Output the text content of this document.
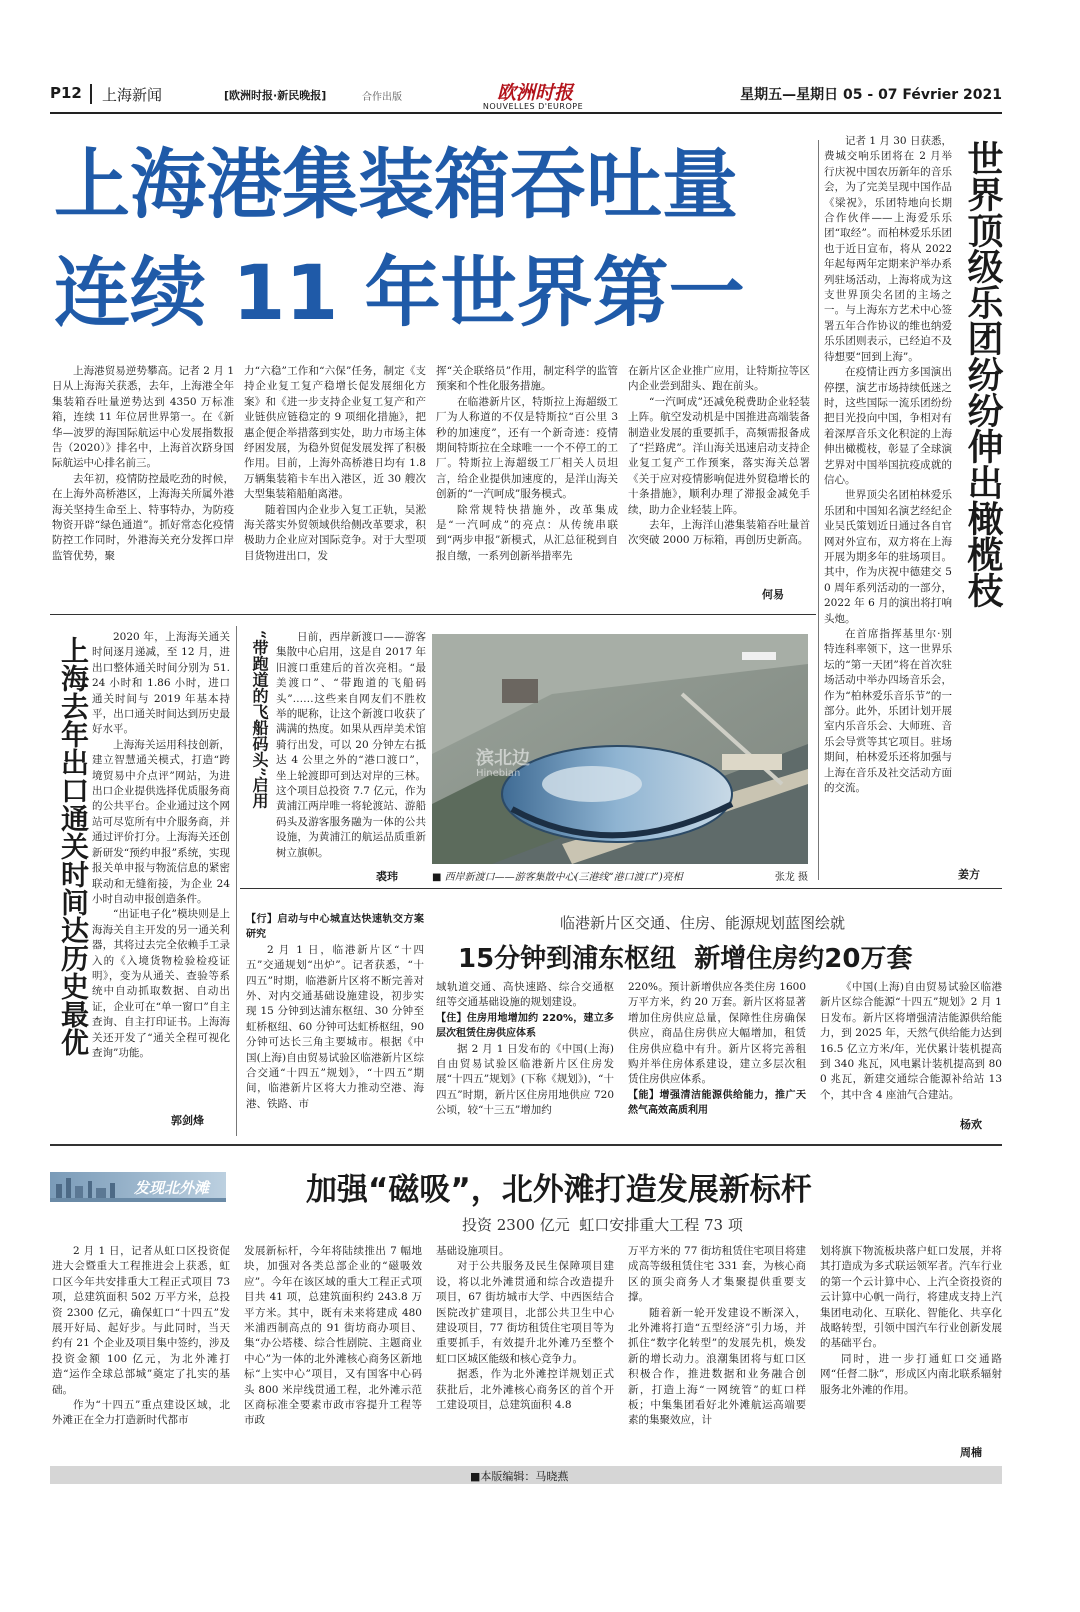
P12 上海新闻	[欧洲时报·新民晚报]	合作出版	欧洲时报
NOUVELLES D'EUROPE
星期五—星期日 05 - 07 Février 2021
上海港集装箱吞吐量
连续 11 年世界第一

上海港贸易逆势攀高。记者 2 月 1 日从上海海关获悉，去年，上海港全年集装箱吞吐量逆势达到 4350 万标准箱，连续 11 年位居世界第一。在《新华—波罗的海国际航运中心发展指数报告（2020）》排名中，上海首次跻身国际航运中心排名前三。

去年初，疫情防控最吃劲的时候，在上海外高桥港区，上海海关所属外港海关坚持生命至上、特事特办，为防疫物资开辟“绿色通道”。抓好常态化疫情防控工作同时，外港海关充分发挥口岸监管优势，聚

力“六稳”工作和“六保”任务，制定《支持企业复工复产稳增长促发展细化方案》和《进一步支持企业复工复产和产业链供应链稳定的 9 项细化措施》，把惠企便企举措落到实处，助力市场主体纾困发展，为稳外贸促发展发挥了积极作用。目前，上海外高桥港日均有 1.8 万辆集装箱卡车出入港区，近 30 艘次大型集装箱船舶离港。

随着国内企业步入复工正轨，吴淞海关落实外贸领域供给侧改革要求，积极助力企业应对国际竞争。对于大型项目货物进出口，发

挥“关企联络员”作用，制定科学的监管预案和个性化服务措施。

在临港新片区，特斯拉上海超级工厂为人称道的不仅是特斯拉“百公里 3 秒的加速度”，还有一个新奇迹：疫情期间特斯拉在全球唯一一个不停工的工厂。特斯拉上海超级工厂相关人员坦言，给企业提供加速度的，是洋山海关创新的“一汽呵成”服务模式。

除常规特快措施外，改革集成是“一汽呵成”的亮点：从传统串联到“两步申报”新模式，从汇总征税到自报自缴，一系列创新举措率先

在新片区企业推广应用，让特斯拉等区内企业尝到甜头、跑在前头。

“一汽呵成”还减免税费助企业轻装上阵。航空发动机是中国推进高端装备制造业发展的重要抓手，高频需报备成了“拦路虎”。洋山海关迅速启动支持企业复工复产工作预案，落实海关总署《关于应对疫情影响促进外贸稳增长的十条措施》，顺利办理了滞报金减免手续，助力企业轻装上阵。

去年，上海洋山港集装箱吞吐量首次突破 2000 万标箱，再创历史新高。

何易

记者 1 月 30 日获悉，费城交响乐团将在 2 月举行庆祝中国农历新年的音乐会，为了完美呈现中国作品《梁祝》，乐团特地向长期合作伙伴——上海爱乐乐团“取经”。而柏林爱乐乐团也于近日宣布，将从 2022 年起每两年定期来沪举办系列驻场活动，上海将成为这支世界顶尖名团的主场之一。与上海东方艺术中心签署五年合作协议的维也纳爱乐乐团则表示，已经迫不及待想要“回到上海”。

在疫情让西方多国演出停摆，演艺市场持续低迷之时，这些国际一流乐团纷纷把目光投向中国，争相对有着深厚音乐文化积淀的上海伸出橄榄枝，彰显了全球演艺界对中国举国抗疫成就的信心。

世界顶尖名团柏林爱乐乐团和中国知名演艺经纪企业吴氏策划近日通过各自官网对外宣布，双方将在上海开展为期多年的驻场项目。其中，作为庆祝中德建交 50 周年系列活动的一部分，2022 年 6 月的演出将打响头炮。

在首席指挥基里尔·别特连科率领下，这一世界乐坛的“第一天团”将在首次驻场活动中举办四场音乐会，作为“柏林爱乐音乐节”的一部分。此外，乐团计划开展室内乐音乐会、大师班、音乐会导赏等其它项目。驻场期间，柏林爱乐还将加强与上海在音乐及社交活动方面的交流。

世界顶级乐团纷纷伸出橄榄枝
姜方
上海去年出口通关时间达历史最优	2020 年，上海海关通关时间逐月递减，至 12 月，进出口整体通关时间分别为 51.24 小时和 1.86 小时，进口通关时间与 2019 年基本持平，出口通关时间达到历史最好水平。

上海海关运用科技创新，建立智慧通关模式，打造“跨境贸易中介点评”网站，为进出口企业提供选择优质服务商的公共平台。企业通过这个网站可尽览所有中介服务商，并通过评价打分。上海海关还创新研发“预约申报”系统，实现报关单申报与物流信息的紧密联动和无缝衔接，为企业 24 小时自动申报创造条件。

“出证电子化”模块则是上海海关自主开发的另一通关利器，其将过去完全依赖手工录入的《入境货物检验检疫证明》，变为从通关、查验等系统中自动抓取数据、自动出证，企业可在“单一窗口”自主查询、自主打印证书。上海海关还开发了“通关全程可视化查询”功能。

郭剑烽
“带跑道的飞船码头”启用	日前，西岸新渡口——游客集散中心启用，这是自 2017 年旧渡口重建后的首次亮相。“最美渡口”、“带跑道的飞船码头”……这些来自网友们不胜枚举的昵称，让这个新渡口收获了满满的热度。如果从西岸美术馆骑行出发，可以 20 分钟左右抵达 4 公里之外的“港口渡口”，坐上轮渡即可到达对岸的三林。这个项目总投资 7.7 亿元，作为黄浦江两岸唯一将轮渡站、游船码头及游客服务融为一体的公共设施，为黄浦江的航运品质重新树立旗帜。

裘玮
滨北边
Hinebian
■ 西岸新渡口——游客集散中心(三港线“港口渡口”)亮相	张龙 摄
临港新片区交通、住房、能源规划蓝图绘就
15分钟到浦东枢纽  新增住房约20万套
【行】启动与中心城直达快速轨交方案研究

2 月 1 日，临港新片区“十四五”交通规划“出炉”。记者获悉，“十四五”时期，临港新片区将不断完善对外、对内交通基础设施建设，初步实现 15 分钟到达浦东枢纽、30 分钟至虹桥枢纽、60 分钟可达虹桥枢纽，90 分钟可达长三角主要城市。根据《中国(上海)自由贸易试验区临港新片区综合交通“十四五”规划》，“十四五”期间，临港新片区将大力推动空港、海港、铁路、市

域轨道交通、高快速路、综合交通枢纽等交通基础设施的规划建设。

【住】住房用地增加约 220%，建立多层次租赁住房供应体系

据 2 月 1 日发布的《中国(上海)自由贸易试验区临港新片区住房发展“十四五”规划》(下称《规划》)，“十四五”时期，新片区住房用地供应 720 公顷，较“十三五”增加约

220%。预计新增供应各类住房 1600 万平方米，约 20 万套。新片区将显著增加住房供应总量，保障性住房确保供应，商品住房供应大幅增加，租赁住房供应稳中有升。新片区将完善租购并举住房体系建设，建立多层次租赁住房供应体系。

【能】增强清洁能源供给能力，推广天然气高效高质利用

《中国(上海)自由贸易试验区临港新片区综合能源“十四五”规划》2 月 1 日发布。新片区将增强清洁能源供给能力，到 2025 年，天然气供给能力达到 16.5 亿立方米/年，光伏累计装机提高到 340 兆瓦，风电累计装机提高到 800 兆瓦，新建交通综合能源补给站 13 个，其中含 4 座油气合建站。

杨欢
发现北外滩	加强“磁吸”，北外滩打造发展新标杆
投资 2300 亿元  虹口安排重大工程 73 项

2 月 1 日，记者从虹口区投资促进大会暨重大工程推进会上获悉，虹口区今年共安排重大工程正式项目 73 项，总建筑面积 502 万平方米，总投资 2300 亿元，确保虹口“十四五”发展开好局、起好步。与此同时，当天约有 21 个企业及项目集中签约，涉及投资金额 100 亿元，为北外滩打造“运作全球总部城”奠定了扎实的基础。

作为“十四五”重点建设区域，北外滩正在全力打造新时代都市

发展新标杆，今年将陆续推出 7 幅地块，加强对各类总部企业的“磁吸效应”。今年在该区域的重大工程正式项目共 41 项，总建筑面积约 243.8 万平方米。其中，既有未来将建成 480 米浦西制高点的 91 街坊商办项目、集“办公塔楼、综合性剧院、主题商业中心”为一体的北外滩核心商务区新地标“上实中心”项目，又有国客中心码头 800 米岸线贯通工程，北外滩示范区商标准全要素市政市容提升工程等市政

基础设施项目。

对于公共服务及民生保障项目建设，将以北外滩贯通和综合改造提升项目，67 街坊城市大学、中西医结合医院改扩建项目，北部公共卫生中心建设项目，77 街坊租赁住宅项目等为重要抓手，有效提升北外滩乃至整个虹口区城区能级和核心竞争力。

据悉，作为北外滩控详规划正式获批后，北外滩核心商务区的首个开工建设项目，总建筑面积 4.8

万平方米的 77 街坊租赁住宅项目将建成高等级租赁住宅 331 套，为核心商区的顶尖商务人才集聚提供重要支撑。

随着新一轮开发建设不断深入，北外滩将打造“五型经济”引力场，并抓住“数字化转型”的发展先机，焕发新的增长动力。浪潮集团将与虹口区积极合作，推进数据和业务融合创新，打造上海“一网统管”的虹口样板；中集集团看好北外滩航运高端要素的集聚效应，计

划将旗下物流板块落户虹口发展，并将其打造成为多式联运领军者。汽车行业的第一个云计算中心、上汽全资投资的云计算中心帆一尚行，将建成支持上汽集团电动化、互联化、智能化、共享化战略转型，引领中国汽车行业创新发展的基础平台。

同时，进一步打通虹口交通路网“任督二脉”，形成区内南北联系辐射服务北外滩的作用。

周楠
■本版编辑：马晓燕
